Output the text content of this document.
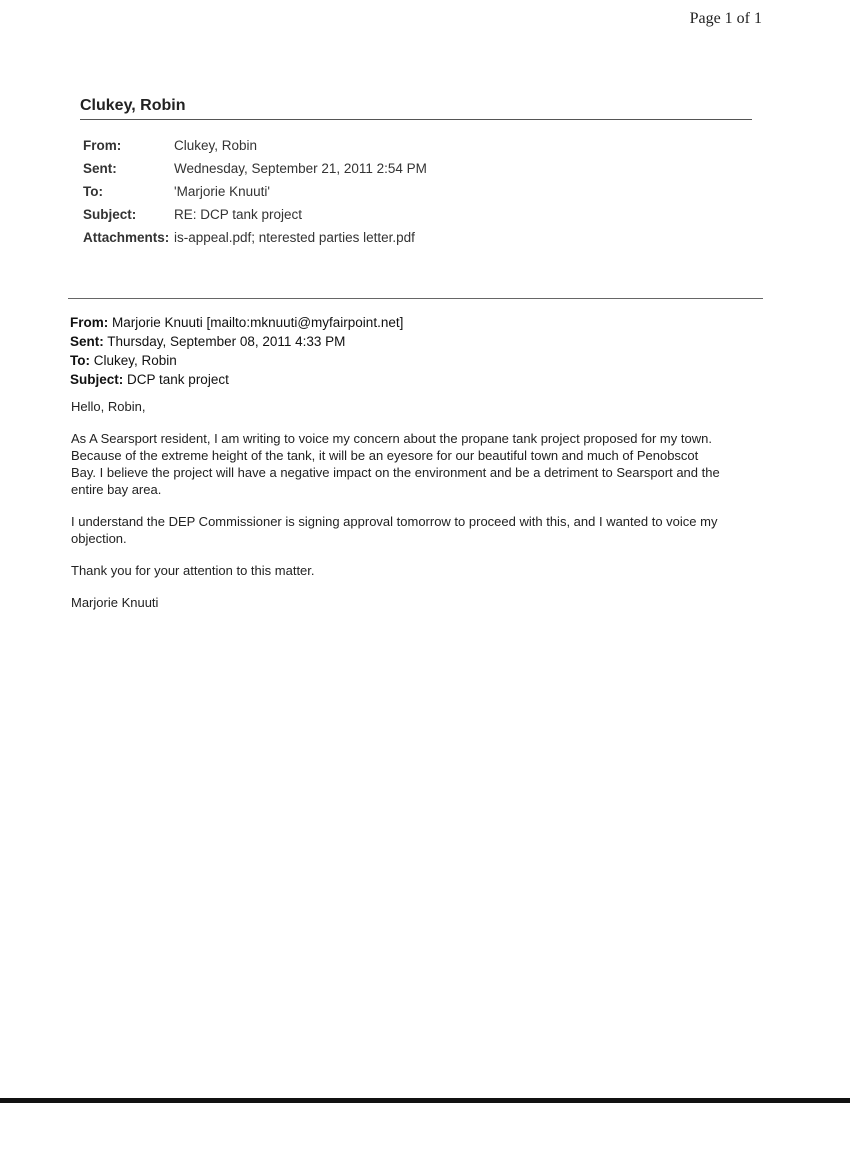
Page 1 of 1
Clukey, Robin
From:	Clukey, Robin
Sent:	Wednesday, September 21, 2011 2:54 PM
To:	'Marjorie Knuuti'
Subject:	RE: DCP tank project
Attachments: is-appeal.pdf; nterested parties letter.pdf
From: Marjorie Knuuti [mailto:mknuuti@myfairpoint.net]
Sent: Thursday, September 08, 2011 4:33 PM
To: Clukey, Robin
Subject: DCP tank project

Hello, Robin,

As A Searsport resident, I am writing to voice my concern about the propane tank project proposed for my town.
Because of the extreme height of the tank, it will be an eyesore for our beautiful town and much of Penobscot
Bay. I believe the project will have a negative impact on the environment and be a detriment to Searsport and the
entire bay area.

I understand the DEP Commissioner is signing approval tomorrow to proceed with this, and I wanted to voice my
objection.

Thank you for your attention to this matter.

Marjorie Knuuti
